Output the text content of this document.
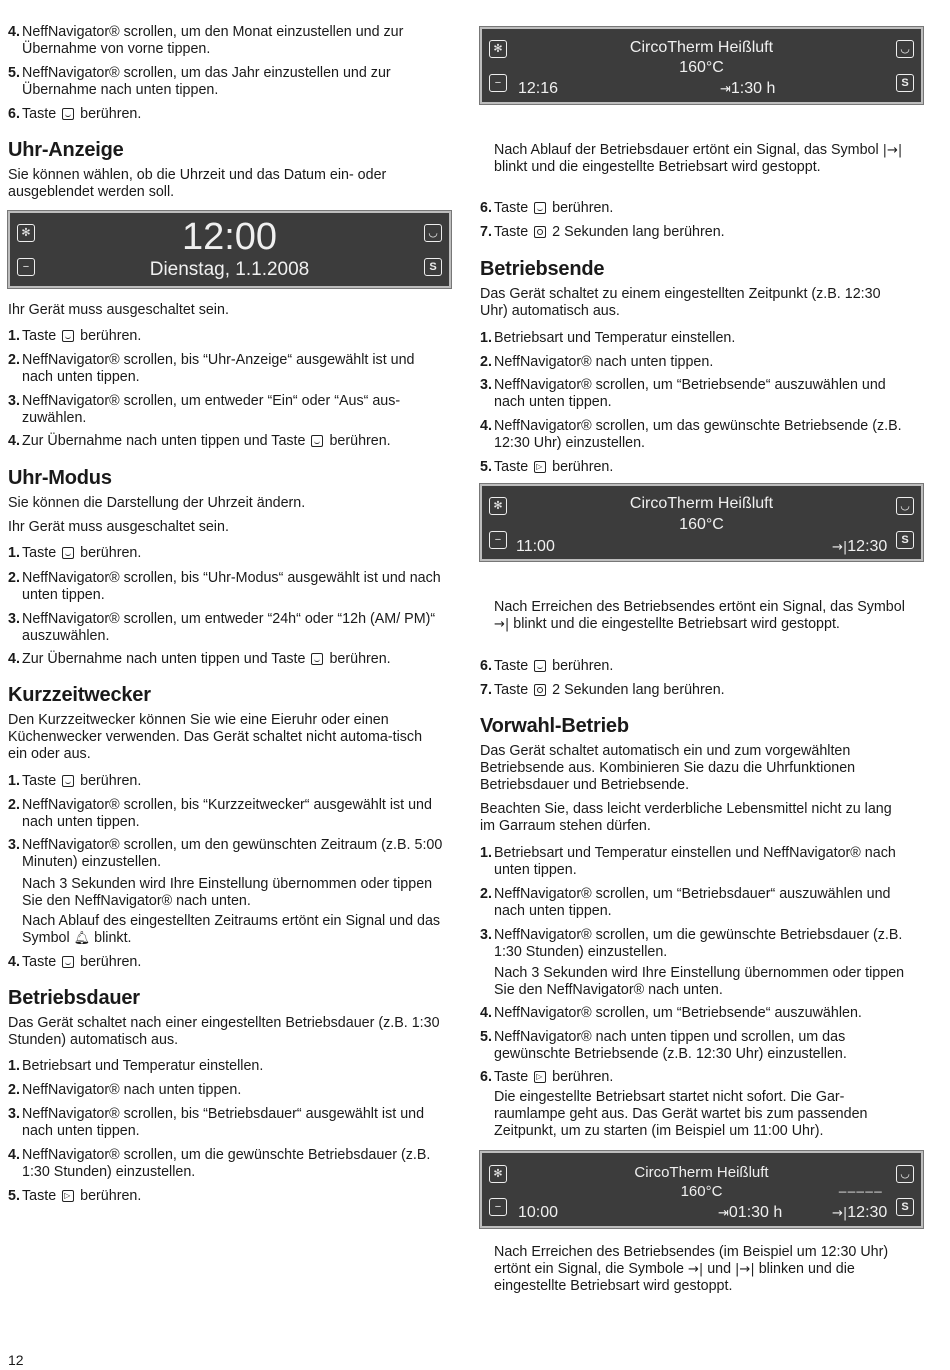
4. NeffNavigator® scrollen, um den Monat einzustellen und zur Übernahme von vorne tippen.
5. NeffNavigator® scrollen, um das Jahr einzustellen und zur Übernahme nach unten tippen.
6. Taste berühren.
Uhr-Anzeige

Sie können wählen, ob die Uhrzeit und das Datum ein- oder ausgeblendet werden soll.

✻
−
◡
S
12:00
Dienstag, 1.1.2008

Ihr Gerät muss ausgeschaltet sein.

1. Taste berühren.
2. NeffNavigator® scrollen, bis “Uhr-Anzeige“ ausgewählt ist und nach unten tippen.
3. NeffNavigator® scrollen, um entweder “Ein“ oder “Aus“ aus-zuwählen.
4. Zur Übernahme nach unten tippen und Taste berühren.
Uhr-Modus

Sie können die Darstellung der Uhrzeit ändern.

Ihr Gerät muss ausgeschaltet sein.

1. Taste berühren.
2. NeffNavigator® scrollen, bis “Uhr-Modus“ ausgewählt ist und nach unten tippen.
3. NeffNavigator® scrollen, um entweder “24h“ oder “12h (AM/ PM)“ auszuwählen.
4. Zur Übernahme nach unten tippen und Taste berühren.
Kurzzeitwecker

Den Kurzzeitwecker können Sie wie eine Eieruhr oder einen Küchenwecker verwenden. Das Gerät schaltet nicht automa-tisch ein oder aus.

1. Taste berühren.
2. NeffNavigator® scrollen, bis “Kurzzeitwecker“ ausgewählt ist und nach unten tippen.
3. NeffNavigator® scrollen, um den gewünschten Zeitraum (z.B. 5:00 Minuten) einzustellen.

Nach 3 Sekunden wird Ihre Einstellung übernommen oder tippen Sie den NeffNavigator® nach unten.

Nach Ablauf des eingestellten Zeitraums ertönt ein Signal und das Symbol 🔔︎ blinkt.

4. Taste berühren.
Betriebsdauer

Das Gerät schaltet nach einer eingestellten Betriebsdauer (z.B. 1:30 Stunden) automatisch aus.

1. Betriebsart und Temperatur einstellen.
2. NeffNavigator® nach unten tippen.
3. NeffNavigator® scrollen, bis “Betriebsdauer“ ausgewählt ist und nach unten tippen.
4. NeffNavigator® scrollen, um die gewünschte Betriebsdauer (z.B. 1:30 Stunden) einzustellen.
5. Taste ▷ berühren.
✻
−
◡
S
CircoTherm Heißluft
160°C
12:16	⇥1:30 h

Nach Ablauf der Betriebsdauer ertönt ein Signal, das Symbol |→| blinkt und die eingestellte Betriebsart wird gestoppt.

6. Taste berühren.
7. Taste 2 Sekunden lang berühren.
Betriebsende

Das Gerät schaltet zu einem eingestellten Zeitpunkt (z.B. 12:30 Uhr) automatisch aus.

1. Betriebsart und Temperatur einstellen.
2. NeffNavigator® nach unten tippen.
3. NeffNavigator® scrollen, um “Betriebsende“ auszuwählen und nach unten tippen.
4. NeffNavigator® scrollen, um das gewünschte Betriebsende (z.B. 12:30 Uhr) einzustellen.
5. Taste ▷ berühren.
✻
−
◡
S
CircoTherm Heißluft
160°C
11:00	→|12:30

Nach Erreichen des Betriebsendes ertönt ein Signal, das Symbol →| blinkt und die eingestellte Betriebsart wird gestoppt.

6. Taste berühren.
7. Taste 2 Sekunden lang berühren.
Vorwahl-Betrieb

Das Gerät schaltet automatisch ein und zum vorgewählten Betriebsende aus. Kombinieren Sie dazu die Uhrfunktionen Betriebsdauer und Betriebsende.

Beachten Sie, dass leicht verderbliche Lebensmittel nicht zu lang im Garraum stehen dürfen.

1. Betriebsart und Temperatur einstellen und NeffNavigator® nach unten tippen.
2. NeffNavigator® scrollen, um “Betriebsdauer“ auszuwählen und nach unten tippen.
3. NeffNavigator® scrollen, um die gewünschte Betriebsdauer (z.B. 1:30 Stunden) einzustellen.

Nach 3 Sekunden wird Ihre Einstellung übernommen oder tippen Sie den NeffNavigator® nach unten.

4. NeffNavigator® scrollen, um “Betriebsende“ auszuwählen.
5. NeffNavigator® nach unten tippen und scrollen, um das gewünschte Betriebsende (z.B. 12:30 Uhr) einzustellen.
6. Taste ▷ berühren.

Die eingestellte Betriebsart startet nicht sofort. Die Gar-raumlampe geht aus. Das Gerät wartet bis zum passenden Zeitpunkt, um zu starten (im Beispiel um 11:00 Uhr).

✻
−
◡
S
CircoTherm Heißluft
160°C	_ _ _ _ _
10:00	⇥01:30 h	→|12:30

Nach Erreichen des Betriebsendes (im Beispiel um 12:30 Uhr) ertönt ein Signal, die Symbole →| und |→| blinken und die eingestellte Betriebsart wird gestoppt.

12
